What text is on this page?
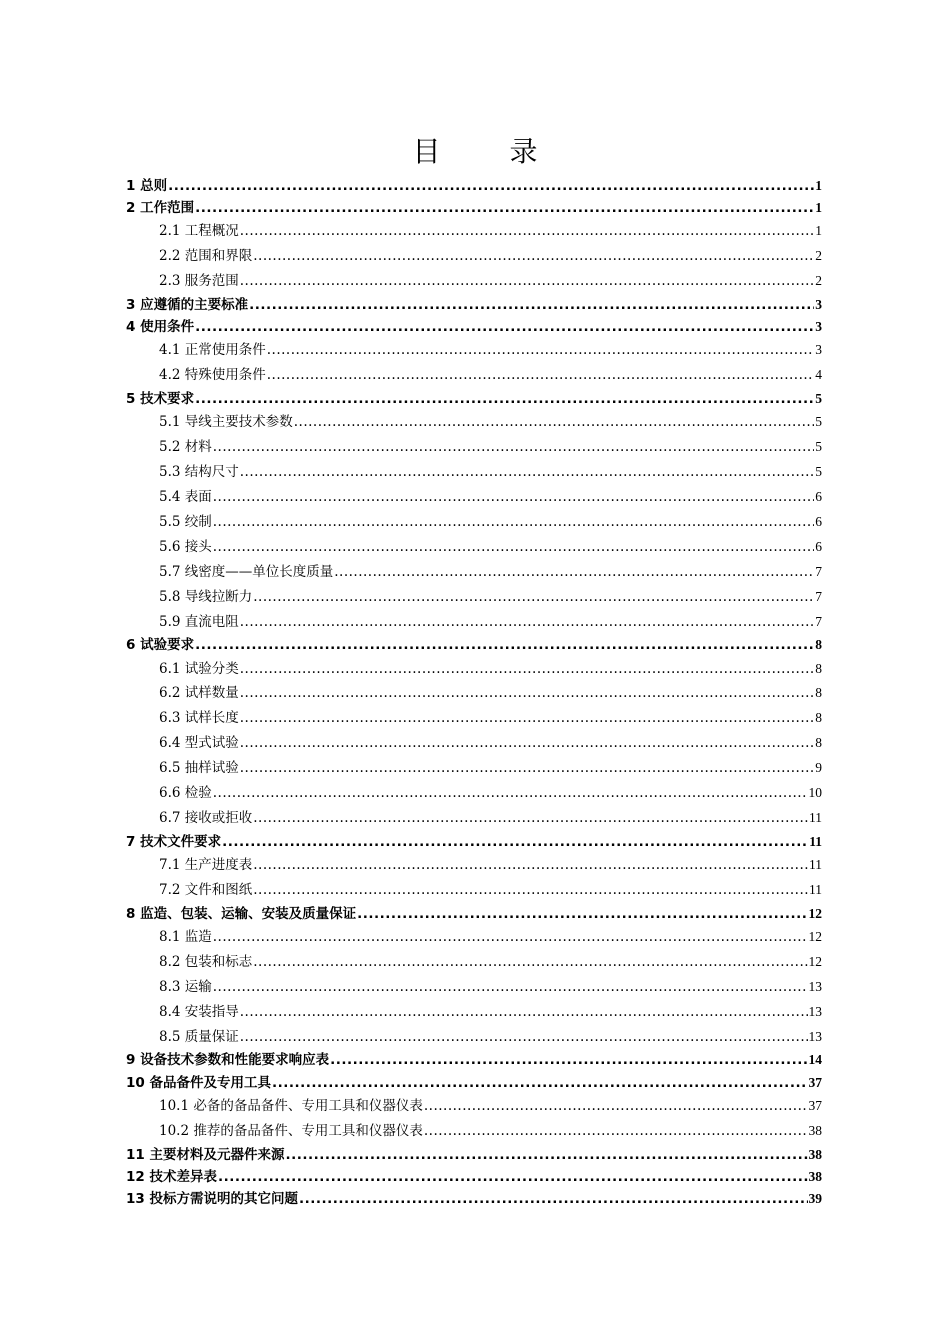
目 录
1 总则 .....	1
2 工作范围 .....	1
2.1 工程概况 .....	1
2.2 范围和界限 .....	2
2.3 服务范围 .....	2
3 应遵循的主要标准 .....	3
4 使用条件 .....	3
4.1 正常使用条件 .....	3
4.2 特殊使用条件 .....	4
5 技术要求 .....	5
5.1 导线主要技术参数 .....	5
5.2 材料 .....	5
5.3 结构尺寸 .....	5
5.4 表面 .....	6
5.5 绞制 .....	6
5.6 接头 .....	6
5.7 线密度——单位长度质量 .....	7
5.8 导线拉断力 .....	7
5.9 直流电阻 .....	7
6 试验要求 .....	8
6.1 试验分类 .....	8
6.2 试样数量 .....	8
6.3 试样长度 .....	8
6.4 型式试验 .....	8
6.5 抽样试验 .....	9
6.6 检验 .....	10
6.7 接收或拒收 .....	11
7 技术文件要求 .....	11
7.1 生产进度表 .....	11
7.2 文件和图纸 .....	11
8 监造、包装、运输、安装及质量保证 .....	12
8.1 监造 .....	12
8.2 包装和标志 .....	12
8.3 运输 .....	13
8.4 安装指导 .....	13
8.5 质量保证 .....	13
9 设备技术参数和性能要求响应表 .....	14
10 备品备件及专用工具 .....	37
10.1 必备的备品备件、专用工具和仪器仪表 .....	37
10.2 推荐的备品备件、专用工具和仪器仪表 .....	38
11 主要材料及元器件来源 .....	38
12 技术差异表 .....	38
13 投标方需说明的其它问题 .....	39
